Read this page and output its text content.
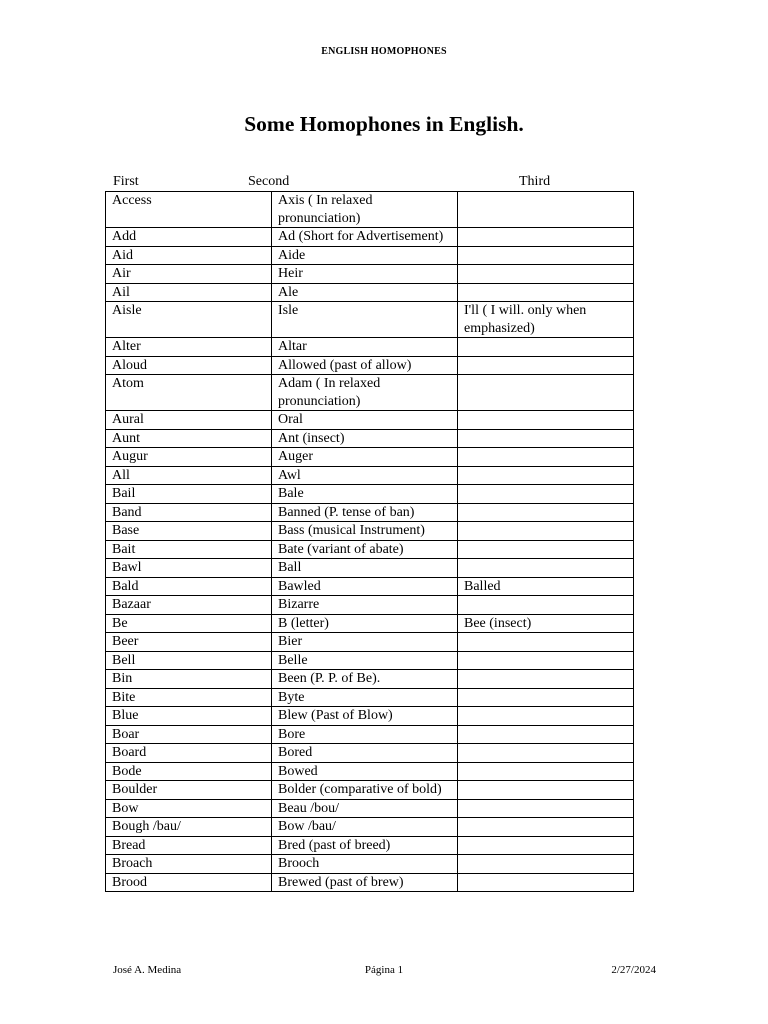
ENGLISH HOMOPHONES
Some Homophones in English.
First	Second	Third
Access	Axis ( In relaxed pronunciation)	
Add	Ad (Short for Advertisement)	
Aid	Aide	
Air	Heir	
Ail	Ale	
Aisle	Isle	I'll ( I will. only when emphasized)
Alter	Altar	
Aloud	Allowed (past of allow)	
Atom	Adam ( In relaxed pronunciation)	
Aural	Oral	
Aunt	Ant (insect)	
Augur	Auger	
All	Awl	
Bail	Bale	
Band	Banned (P. tense of ban)	
Base	Bass (musical Instrument)	
Bait	Bate (variant of abate)	
Bawl	Ball	
Bald	Bawled	Balled
Bazaar	Bizarre	
Be	B (letter)	Bee (insect)
Beer	Bier	
Bell	Belle	
Bin	Been (P. P. of Be).	
Bite	Byte	
Blue	Blew (Past of Blow)	
Boar	Bore	
Board	Bored	
Bode	Bowed	
Boulder	Bolder (comparative of bold)	
Bow	Beau /bou/	
Bough /bau/	Bow /bau/	
Bread	Bred (past of breed)	
Broach	Brooch	
Brood	Brewed (past of brew)	
José A. Medina	Página 1	2/27/2024
